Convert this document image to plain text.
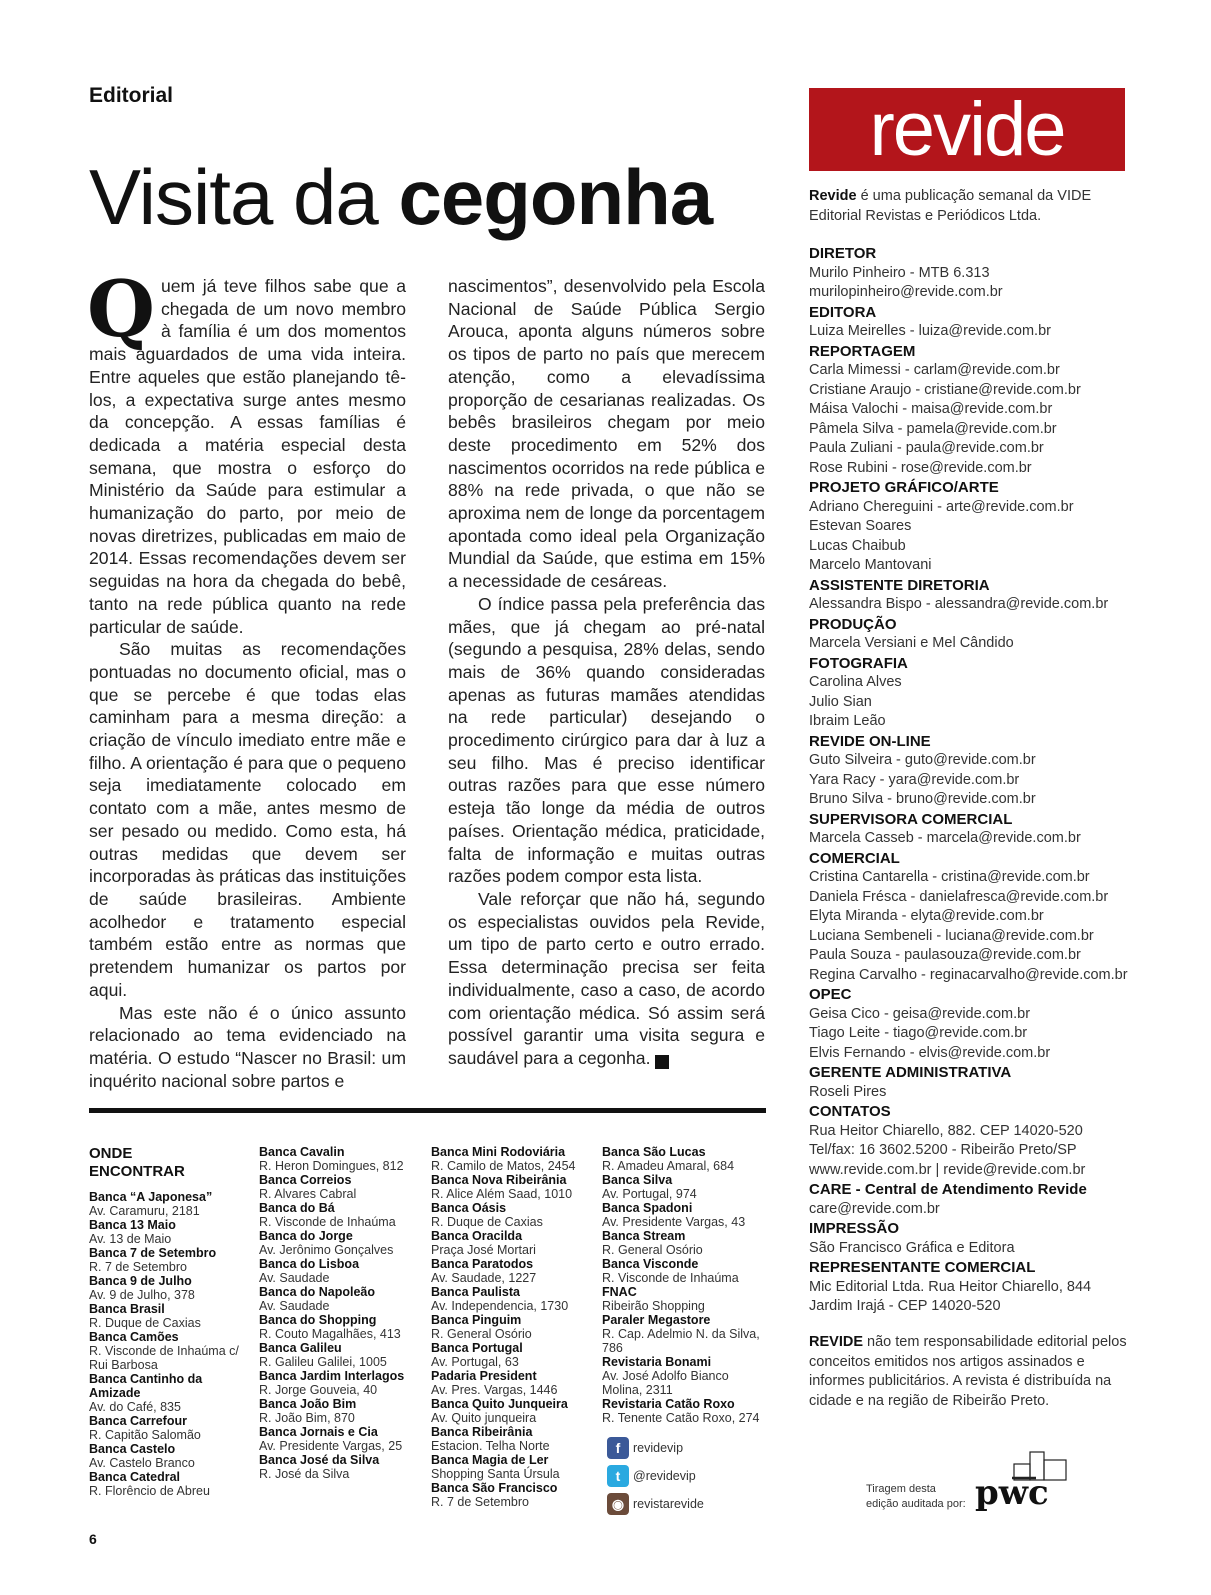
Editorial
Visita da cegonha

Quem já teve filhos sabe que a chegada de um novo membro à família é um dos momentos mais aguardados de uma vida inteira. Entre aqueles que estão planejando tê-los, a expectativa surge antes mesmo da concepção. A essas famílias é dedicada a matéria especial desta semana, que mostra o esforço do Ministério da Saúde para estimular a humanização do parto, por meio de novas diretrizes, publicadas em maio de 2014. Essas recomendações devem ser seguidas na hora da chegada do bebê, tanto na rede pública quanto na rede particular de saúde.

São muitas as recomendações pontuadas no documento oficial, mas o que se percebe é que todas elas caminham para a mesma direção: a criação de vínculo imediato entre mãe e filho. A orientação é para que o pequeno seja imediatamente colocado em contato com a mãe, antes mesmo de ser pesado ou medido. Como esta, há outras medidas que devem ser incorporadas às práticas das instituições de saúde brasileiras. Ambiente acolhedor e tratamento especial também estão entre as normas que pretendem humanizar os partos por aqui.

Mas este não é o único assunto relacionado ao tema evidenciado na matéria. O estudo “Nascer no Brasil: um inquérito nacional sobre partos e

nascimentos”, desenvolvido pela Escola Nacional de Saúde Pública Sergio Arouca, aponta alguns números sobre os tipos de parto no país que merecem atenção, como a elevadíssima proporção de cesarianas realizadas. Os bebês brasileiros chegam por meio deste procedimento em 52% dos nascimentos ocorridos na rede pública e 88% na rede privada, o que não se aproxima nem de longe da porcentagem apontada como ideal pela Organização Mundial da Saúde, que estima em 15% a necessidade de cesáreas.

O índice passa pela preferência das mães, que já chegam ao pré-natal (segundo a pesquisa, 28% delas, sendo mais de 36% quando consideradas apenas as futuras mamães atendidas na rede particular) desejando o procedimento cirúrgico para dar à luz a seu filho. Mas é preciso identificar outras razões para que esse número esteja tão longe da média de outros países. Orientação médica, praticidade, falta de informação e muitas outras razões podem compor esta lista.

Vale reforçar que não há, segundo os especialistas ouvidos pela Revide, um tipo de parto certo e outro errado. Essa determinação precisa ser feita individualmente, caso a caso, de acordo com orientação médica. Só assim será possível garantir uma visita segura e saudável para a cegonha.	r

ONDE
ENCONTRAR
Banca “A Japonesa”
Av. Caramuru, 2181
Banca 13 Maio
Av. 13 de Maio
Banca 7 de Setembro
R. 7 de Setembro
Banca 9 de Julho
Av. 9 de Julho, 378
Banca Brasil
R. Duque de Caxias
Banca Camões
R. Visconde de Inhaúma c/ Rui Barbosa
Banca Cantinho da Amizade
Av. do Café, 835
Banca Carrefour
R. Capitão Salomão
Banca Castelo
Av. Castelo Branco
Banca Catedral
R. Florêncio de Abreu
Banca Cavalin
R. Heron Domingues, 812
Banca Correios
R. Alvares Cabral
Banca do Bá
R. Visconde de Inhaúma
Banca do Jorge
Av. Jerônimo Gonçalves
Banca do Lisboa
Av. Saudade
Banca do Napoleão
Av. Saudade
Banca do Shopping
R. Couto Magalhães, 413
Banca Galileu
R. Galileu Galilei, 1005
Banca Jardim Interlagos
R. Jorge Gouveia, 40
Banca João Bim
R. João Bim, 870
Banca Jornais e Cia
Av. Presidente Vargas, 25
Banca José da Silva
R. José da Silva
Banca Mini Rodoviária
R. Camilo de Matos, 2454
Banca Nova Ribeirânia
R. Alice Além Saad, 1010
Banca Oásis
R. Duque de Caxias
Banca Oracilda
Praça José Mortari
Banca Paratodos
Av. Saudade, 1227
Banca Paulista
Av. Independencia, 1730
Banca Pinguim
R. General Osório
Banca Portugal
Av. Portugal, 63
Padaria President
Av. Pres. Vargas, 1446
Banca Quito Junqueira
Av. Quito junqueira
Banca Ribeirânia
Estacion. Telha Norte
Banca Magia de Ler
Shopping Santa Úrsula
Banca São Francisco
R. 7 de Setembro
Banca São Lucas
R. Amadeu Amaral, 684
Banca Silva
Av. Portugal, 974
Banca Spadoni
Av. Presidente Vargas, 43
Banca Stream
R. General Osório
Banca Visconde
R. Visconde de Inhaúma
FNAC
Ribeirão Shopping
Paraler Megastore
R. Cap. Adelmio N. da Silva, 786
Revistaria Bonami
Av. José Adolfo Bianco Molina, 2311
Revistaria Catão Roxo
R. Tenente Catão Roxo, 274
f	revidevip
t	@revidevip
◉ revistarevide
6
revide
Revide é uma publicação semanal da VIDE Editorial Revistas e Periódicos Ltda.
DIRETOR
Murilo Pinheiro - MTB 6.313
murilopinheiro@revide.com.br
EDITORA
Luiza Meirelles - luiza@revide.com.br
REPORTAGEM
Carla Mimessi - carlam@revide.com.br
Cristiane Araujo - cristiane@revide.com.br
Máisa Valochi - maisa@revide.com.br
Pâmela Silva - pamela@revide.com.br
Paula Zuliani - paula@revide.com.br
Rose Rubini - rose@revide.com.br
PROJETO GRÁFICO/ARTE
Adriano Chereguini - arte@revide.com.br
Estevan Soares
Lucas Chaibub
Marcelo Mantovani
ASSISTENTE DIRETORIA
Alessandra Bispo - alessandra@revide.com.br
PRODUÇÃO
Marcela Versiani e Mel Cândido
FOTOGRAFIA
Carolina Alves
Julio Sian
Ibraim Leão
REVIDE ON-LINE
Guto Silveira - guto@revide.com.br
Yara Racy - yara@revide.com.br
Bruno Silva - bruno@revide.com.br
SUPERVISORA COMERCIAL
Marcela Casseb - marcela@revide.com.br
COMERCIAL
Cristina Cantarella - cristina@revide.com.br
Daniela Frésca - danielafresca@revide.com.br
Elyta Miranda - elyta@revide.com.br
Luciana Sembeneli - luciana@revide.com.br
Paula Souza - paulasouza@revide.com.br
Regina Carvalho - reginacarvalho@revide.com.br
OPEC
Geisa Cico - geisa@revide.com.br
Tiago Leite - tiago@revide.com.br
Elvis Fernando - elvis@revide.com.br
GERENTE ADMINISTRATIVA
Roseli Pires
CONTATOS
Rua Heitor Chiarello, 882. CEP 14020-520
Tel/fax: 16 3602.5200 - Ribeirão Preto/SP
www.revide.com.br | revide@revide.com.br
CARE - Central de Atendimento Revide
care@revide.com.br
IMPRESSÃO
São Francisco Gráfica e Editora
REPRESENTANTE COMERCIAL
Mic Editorial Ltda. Rua Heitor Chiarello, 844
Jardim Irajá - CEP 14020-520
REVIDE não tem responsabilidade editorial pelos conceitos emitidos nos artigos assinados e informes publicitários. A revista é distribuída na cidade e na região de Ribeirão Preto.
Tiragem desta
edição auditada por: pwc
